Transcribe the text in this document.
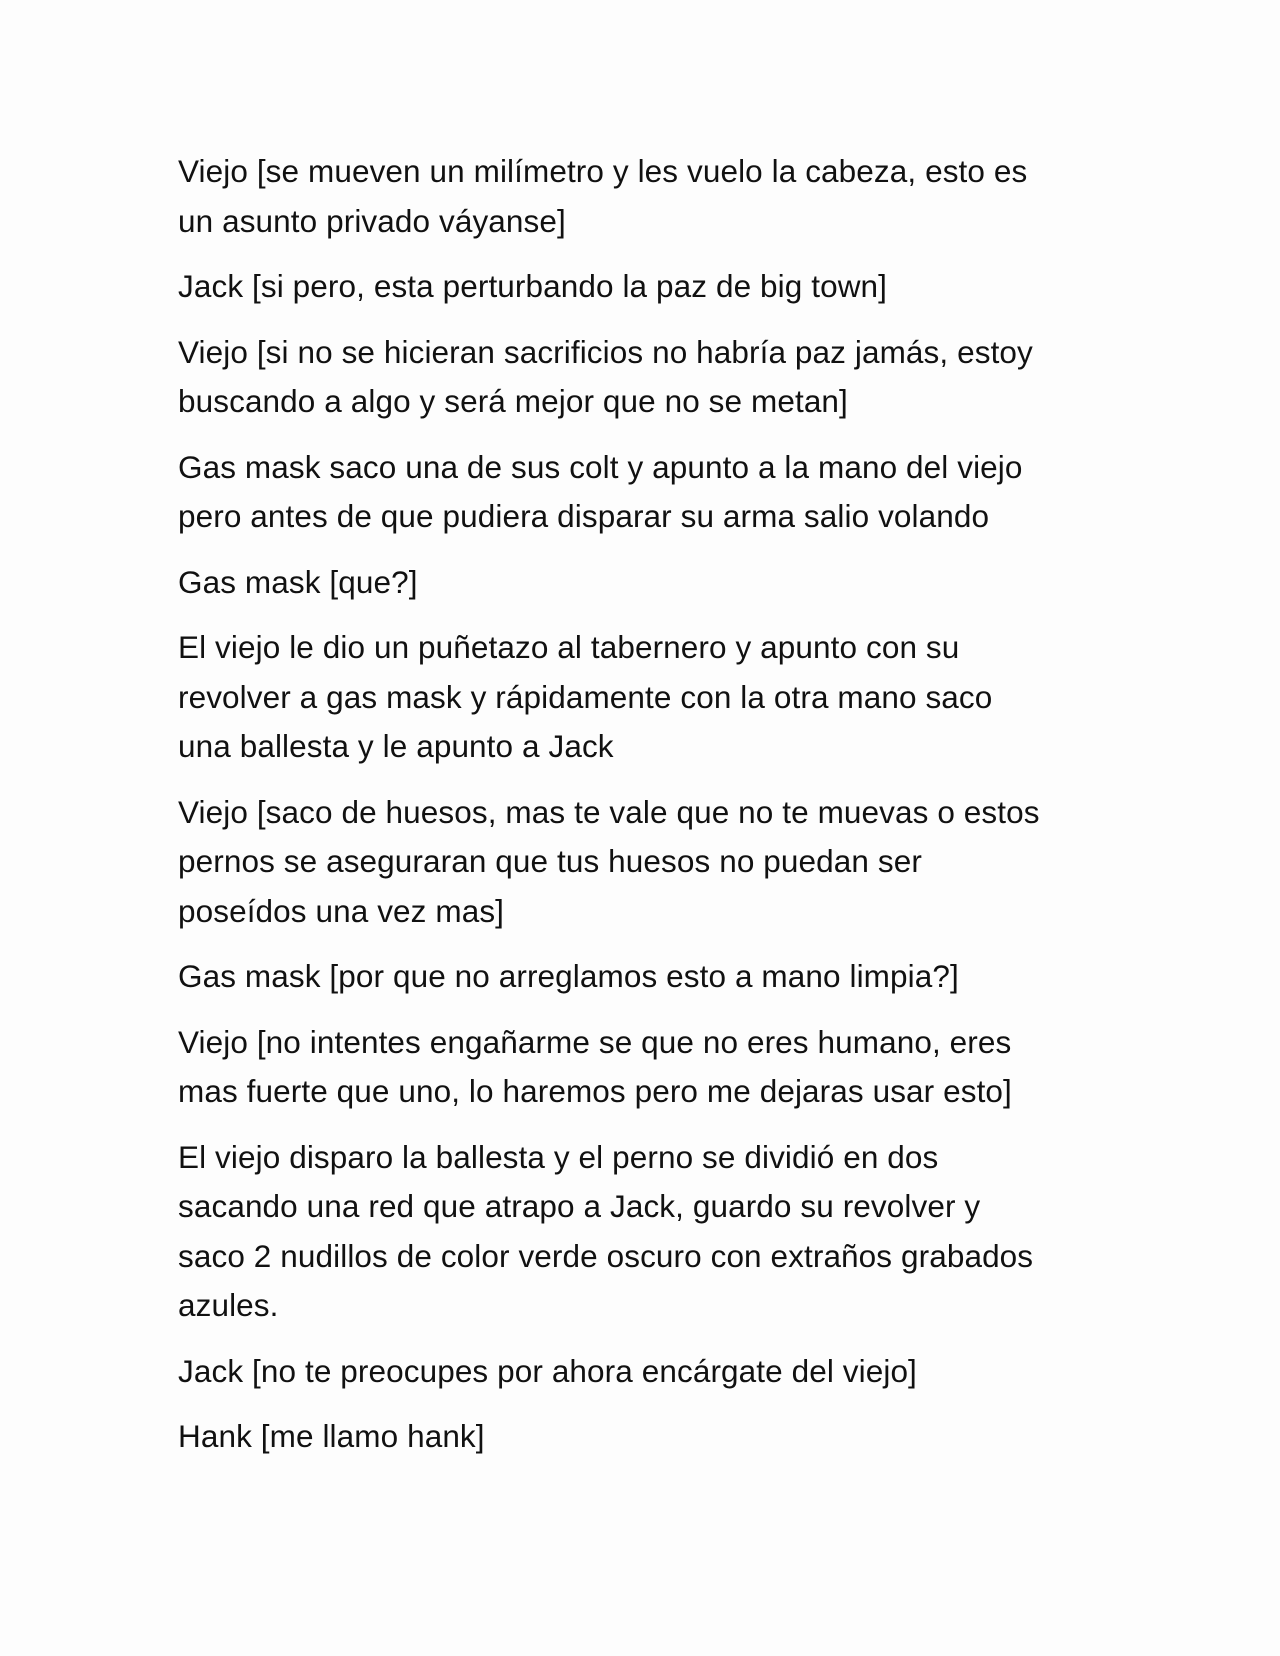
Viejo [se mueven un milímetro y les vuelo la cabeza, esto es
un asunto privado váyanse]

Jack [si pero, esta perturbando la paz de big town]

Viejo [si no se hicieran sacrificios no habría paz jamás, estoy
buscando a algo y será mejor que no se metan]

Gas mask saco una de sus colt y apunto a la mano del viejo
pero antes de que pudiera disparar su arma salio volando

Gas mask [que?]

El viejo le dio un puñetazo al tabernero y apunto con su
revolver a gas mask y rápidamente con la otra mano saco
una ballesta y le apunto a Jack

Viejo [saco de huesos, mas te vale que no te muevas o estos
pernos se aseguraran que tus huesos no puedan ser
poseídos una vez mas]

Gas mask [por que no arreglamos esto a mano limpia?]

Viejo [no intentes engañarme se que no eres humano, eres
mas fuerte que uno, lo haremos pero me dejaras usar esto]

El viejo disparo la ballesta y el perno se dividió en dos
sacando una red que atrapo a Jack, guardo su revolver y
saco 2 nudillos de color verde oscuro con extraños grabados
azules.

Jack [no te preocupes por ahora encárgate del viejo]

Hank [me llamo hank]
